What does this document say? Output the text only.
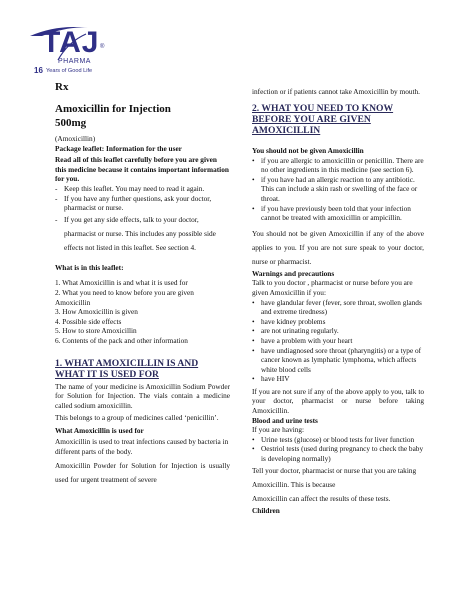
TAJ ®
PHARMA
16 Years of Good Life

Rx

Amoxicillin for Injection

500mg

(Amoxicillin)

Package leaflet: Information for the user

Read all of this leaflet carefully before you are given this medicine because it contains important information for you.

- Keep this leaflet. You may need to read it again.
- If you have any further questions, ask your doctor, pharmacist or nurse.
- If you get any side effects, talk to your doctor, pharmacist or nurse. This includes any possible side effects not listed in this leaflet. See section 4.

What is in this leaflet:

1. What Amoxicillin is and what it is used for

2. What you need to know before you are given Amoxicillin

3. How Amoxicillin is given

4. Possible side effects

5. How to store Amoxicillin

6. Contents of the pack and other information

1. WHAT AMOXICILLIN IS AND WHAT IT IS USED FOR

The name of your medicine is Amoxicillin Sodium Powder for Solution for Injection. The vials contain a medicine called sodium amoxicillin.

This belongs to a group of medicines called ‘penicillin’.

What Amoxicillin is used for

Amoxicillin is used to treat infections caused by bacteria in different parts of the body.

Amoxicillin Powder for Solution for Injection is usually used for urgent treatment of severe

infection or if patients cannot take Amoxicillin by mouth.

2. WHAT YOU NEED TO KNOW BEFORE YOU ARE GIVEN AMOXICILLIN

You should not be given Amoxicillin

• if you are allergic to amoxicillin or penicillin. There are no other ingredients in this medicine (see section 6).
• if you have had an allergic reaction to any antibiotic. This can include a skin rash or swelling of the face or throat.
• if you have previously been told that your infection cannot be treated with amoxicillin or ampicillin.

You should not be given Amoxicillin if any of the above applies to you. If you are not sure speak to your doctor, nurse or pharmacist.

Warnings and precautions

Talk to you doctor , pharmacist or nurse before you are given Amoxicillin if you:

• have glandular fever (fever, sore throat, swollen glands and extreme tiredness)
• have kidney problems
• are not urinating regularly.
• have a problem with your heart
• have undiagnosed sore throat (pharyngitis) or a type of cancer known as lymphatic lymphoma, which affects white blood cells
• have HIV

If you are not sure if any of the above apply to you, talk to your doctor, pharmacist or nurse before taking Amoxicillin.

Blood and urine tests

If you are having:

• Urine tests (glucose) or blood tests for liver function
• Oestriol tests (used during pregnancy to check the baby is developing normally)

Tell your doctor, pharmacist or nurse that you are taking Amoxicillin. This is because

Amoxicillin can affect the results of these tests.

Children
